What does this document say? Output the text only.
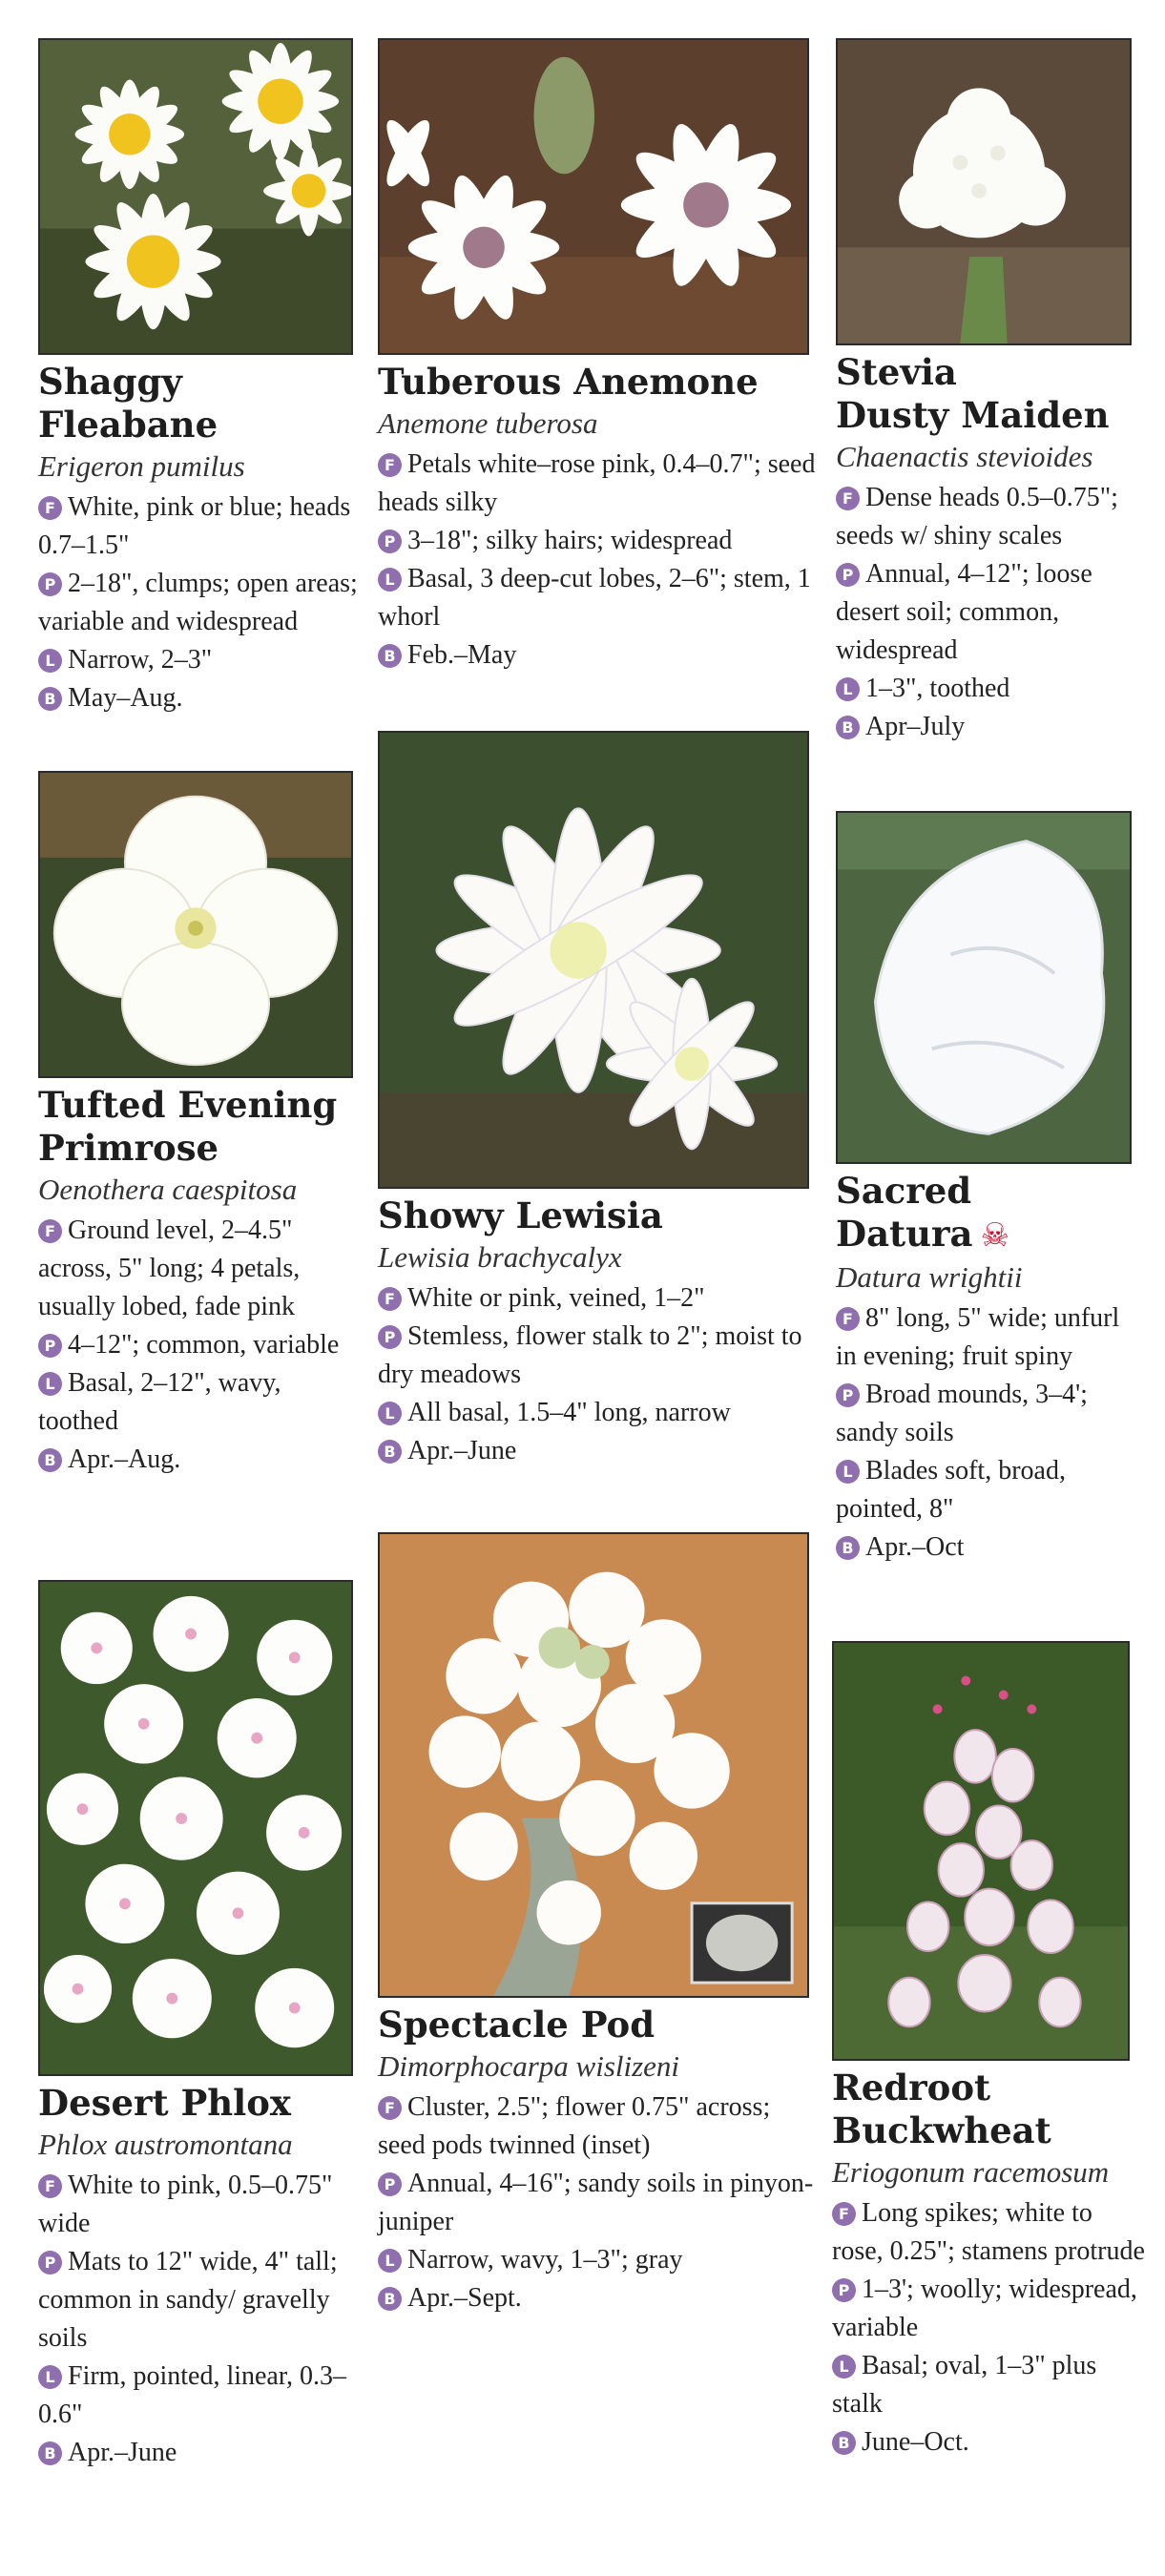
Shaggy Fleabane
Erigeron pumilus

F White, pink or blue; heads 0.7–1.5"

P 2–18", clumps; open areas; variable and widespread

L Narrow, 2–3"

B May–Aug.

Tufted Evening
Primrose
Oenothera caespitosa

F Ground level, 2–4.5" across, 5" long; 4 petals, usually lobed, fade pink

P 4–12"; common, variable

L Basal, 2–12", wavy, toothed

B Apr.–Aug.

Desert Phlox
Phlox austromontana

F White to pink, 0.5–0.75" wide

P Mats to 12" wide, 4" tall; common in sandy/ gravelly soils

L Firm, pointed, linear, 0.3–0.6"

B Apr.–June

Tuberous Anemone
Anemone tuberosa

F Petals white–rose pink, 0.4–0.7"; seed heads silky

P 3–18"; silky hairs; widespread

L Basal, 3 deep-cut lobes, 2–6"; stem, 1 whorl

B Feb.–May

Showy Lewisia
Lewisia brachycalyx

F White or pink, veined, 1–2"

P Stemless, flower stalk to 2"; moist to dry meadows

L All basal, 1.5–4" long, narrow

B Apr.–June

Spectacle Pod
Dimorphocarpa wislizeni

F Cluster, 2.5"; flower 0.75" across; seed pods twinned (inset)

P Annual, 4–16"; sandy soils in pinyon-juniper

L Narrow, wavy, 1–3"; gray

B Apr.–Sept.

Stevia
Dusty Maiden
Chaenactis stevioides

F Dense heads 0.5–0.75"; seeds w/ shiny scales

P Annual, 4–12"; loose desert soil; common, widespread

L 1–3", toothed

B Apr–July

Sacred Datura ☠
Datura wrightii

F 8" long, 5" wide; unfurl in evening; fruit spiny

P Broad mounds, 3–4'; sandy soils

L Blades soft, broad, pointed, 8"

B Apr.–Oct

Redroot
Buckwheat
Eriogonum racemosum

F Long spikes; white to rose, 0.25"; stamens protrude

P 1–3'; woolly; widespread, variable

L Basal; oval, 1–3" plus stalk

B June–Oct.
